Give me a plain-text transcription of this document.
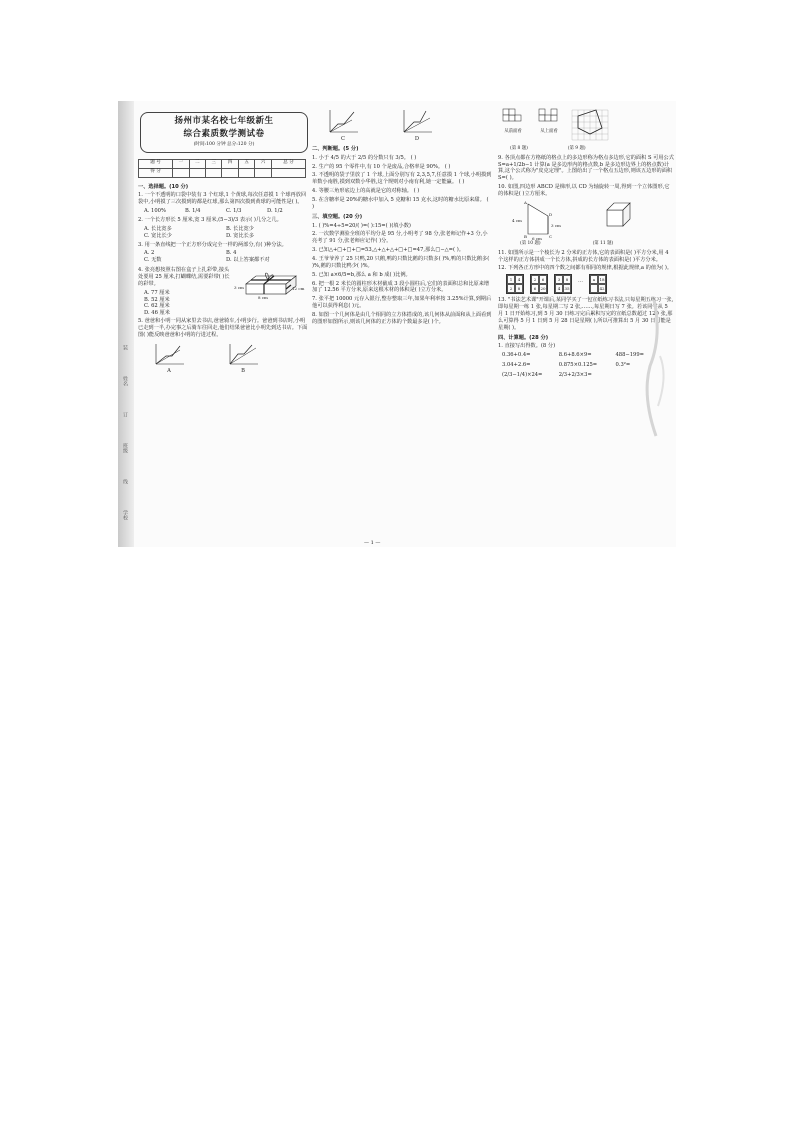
装
姓名
订
班级
线
学校
扬州市某名校七年级新生
综合素质数学测试卷
(时间:100 分钟 总分:120 分)
题 号	一	二	三	四	五	六	总 分
得 分							
一、选择题。(10 分)
1. 一个不透明的口袋中装有 3 个红球,1 个黄球,每次任意摸 1 个球再放回袋中,小明摸了三次摸到的都是红球,那么第四次摸到黄球的可能性是( )。
A. 100%	B. 1/4	C. 1/3	D. 1/2
2. 一个长方形长 5 厘米,宽 3 厘米,(5−3)/3 表示( )几分之几。
A. 长比宽多	B. 长比宽少
C. 宽比长少	D. 宽比长多
3. 用一条直线把一个正方形分成完全一样的两部分,有( )种分法。
A. 2	B. 4
C. 无数	D. 以上答案都不对
4. 张亮想按照右图在盒子上扎彩带,接头处要用 25 厘米,打蝴蝶结,需要彩带( )长的彩带。
A. 77 厘米
B. 52 厘米
C. 62 厘米
D. 46 厘米
3 cm
8 cm
12 cm
5. 爸爸和小明一同从家里去书店,爸爸骑车,小明步行。爸爸到书店时,小明已走到一半,办完事之后骑车往回走,他们结果爸爸比小明先到达书店。下面图( )能反映爸爸和小明的行进过程。
A	B
C	D
二、判断题。(5 分)
1. 小于 4/5 的大于 2/5 的分数只有 3/5。 ( )
2. 生产的 95 个零件中,有 10 个是废品,合格率是 90%。 ( )
3. 不透明的袋子里放了 1 个球,上面分别写有 2,3,5,7,任意摸 1 个球,小明摸到单数小南胜,摸到双数小华胜,这个规则对小南有利,她一定能赢。 ( )
4. 等腰三角形底边上的高就是它的对称轴。 ( )
5. 在含糖率是 20%的糖水中加入 5 克糖和 15 克水,这时的糖水比原来甜。 ( )
三、填空题。(20 分)
1. ( )%=4÷5=20/( )=( ):15=( )(填小数)
2. 一次数学测验全班的平均分是 95 分,小明考了 98 分,张老师记作+3 分,小亮考了 91 分,张老师应记作( )分。
3. 已知△+□+□+□=53,△+△+△+□+□=47,那么□−△=( )。
4. 王爷爷养了 25 只鸭,20 只鹅,鸭的只数比鹅的只数多( )%,鸭的只数比鹅多( )%,鹅的只数比鸭少( )%。
5. 已知 a×6/5=b,那么 a 和 b 成( )比例。
6. 把一根 2 米长的圆柱形木材截成 3 段小圆柱后,它们的表面积总和比原来增加了 12.56 平方分米,原来这根木材的体积是( )立方分米。
7. 张平把 10000 元存入银行,整存整取三年,如果年利率按 3.25%计算,到期后他可以获得利息( )元。
8. 如图一个几何体是由几个相同的立方体搭成的,该几何体从前面和从上面看到的图形如图所示,则该几何体的正方体的个数最多是( )个。
— 1 —
从前面看	从上面看
(第 8 题)	(第 9 题)
9. 各顶点都在方格纸的格点上的多边形称为格点多边形,它的面积 S 可用公式 S=a+1/2b−1 计算(a 是多边形内的格点数,b 是多边形边界上的格点数)计算,这个公式称为"皮克定理"。上图给出了一个格点五边形,则该五边形的面积 S=( )。
10. 如图,四边形 ABCD 是梯形,以 CD 为轴旋转一周,得到一个立体图形,它的体积是( )立方厘米。
A
B	C
D
4 cm
3 cm
6 cm
(第 10 题)	(第 11 题)
11. 如图所示是一个棱长为 2 分米的正方体,它的表面积是( )平方分米,用 4 个这样的正方体拼成一个长方体,拼成的长方体的表面积是( )平方分米。
12. 下列各正方形中的四个数之间都有相同的规律,根据此规律,a 的值为( )。
1	4
2	8
2	6
6	20
3	8
4	35
…	a	18
42
13. "书法艺术课"开课后,某同学买了一包宣纸练习书法,只每星期五练习一张,即每星期一练 1 张,每星期二写 2 张,……,每星期日写 7 张。若该同学从 5 月 1 日开始练习,到 5 月 30 日练习完后累积写完的宣纸总数超过 120 张,那么可算得 5 月 1 日到 5 月 28 日是星期( ),所以可推算出 5 月 30 日可能是星期( )。
四、计算题。(28 分)
1. 直接写出得数。(8 分)
0.36+0.4=	8.6+8.6×9=	488−199=
3.04+2.6=	0.875×0.125=	0.3²=
(2/3−1/4)×24=	2/3+2/3×3=
